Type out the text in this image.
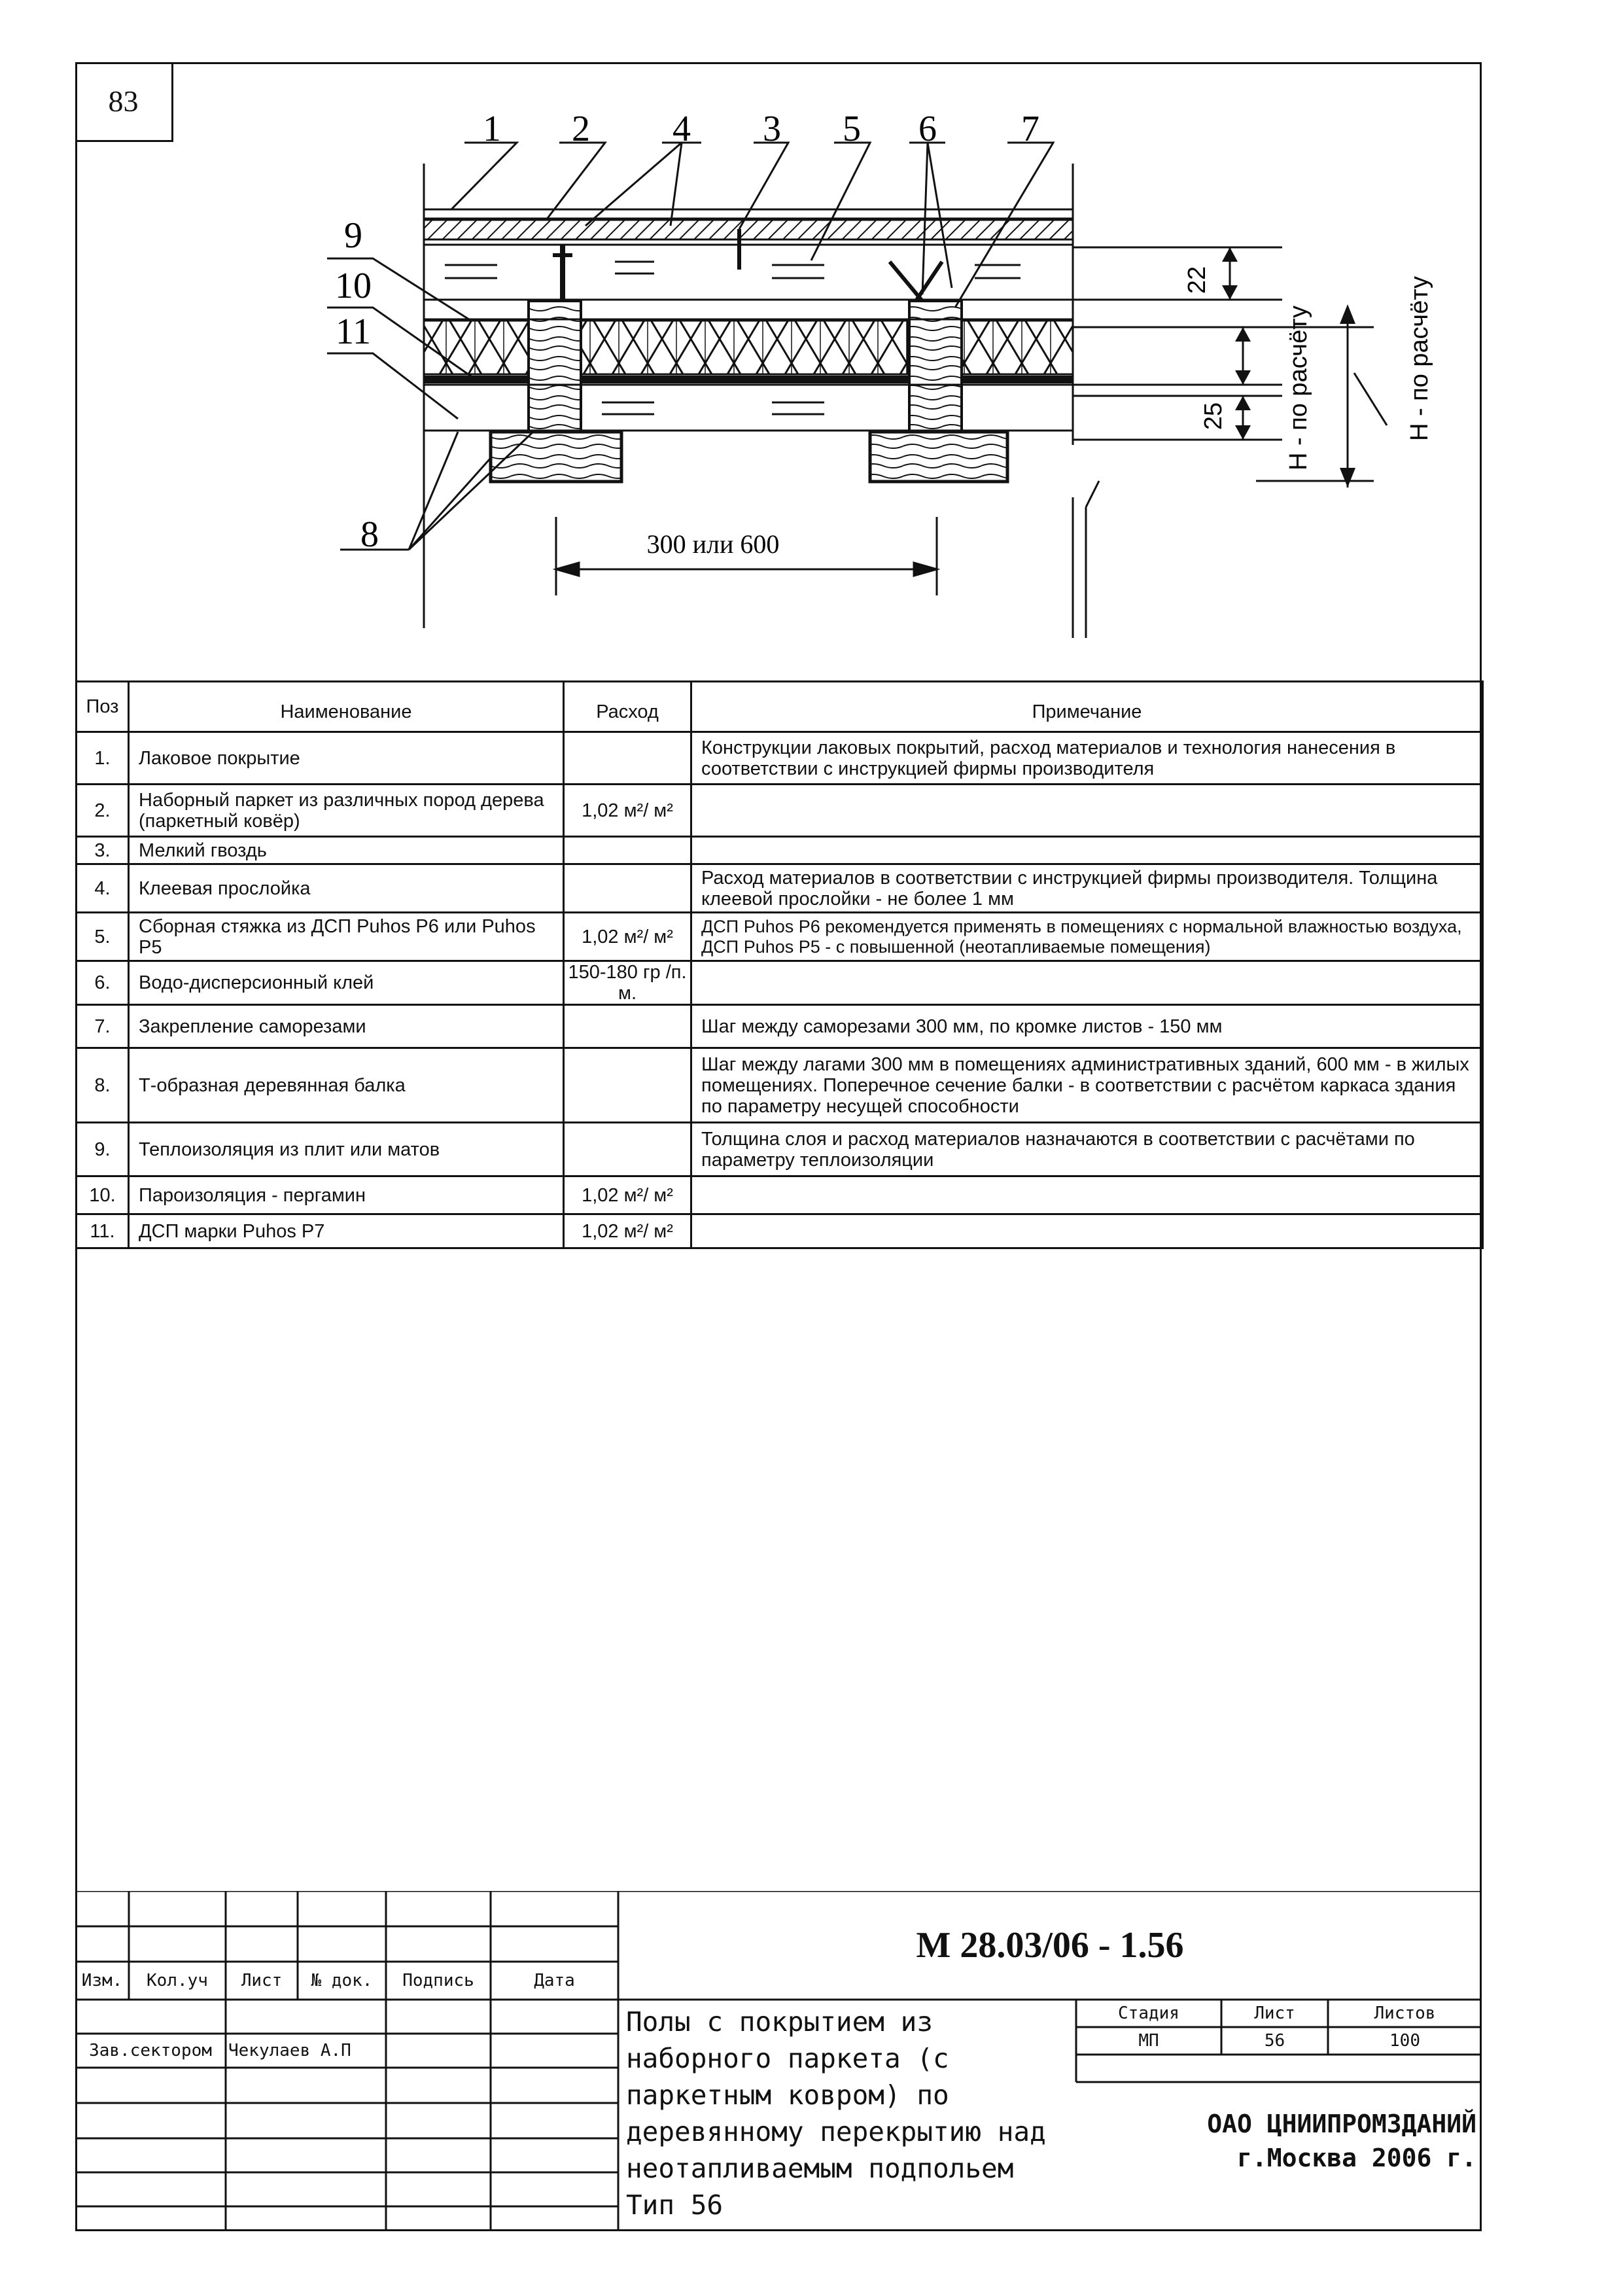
83
1 2 4 3 5 6 7
9
10
11
8	300 или 600
22
25 H - по расчёту	H - по расчёту
Поз	Наименование	Расход	Примечание
1.	Лаковое покрытие		Конструкции лаковых покрытий, расход материалов и технология нанесения в соответствии с инструкцией фирмы производителя
2.	Наборный паркет из различных пород дерева (паркетный ковёр)	1,02 м²/ м²	
3.	Мелкий гвоздь		
4.	Клеевая прослойка		Расход материалов в соответствии с инструкцией фирмы производителя. Толщина клеевой прослойки - не более 1 мм
5.	Сборная стяжка из ДСП Puhos P6 или Puhos P5	1,02 м²/ м²	ДСП Puhos P6 рекомендуется применять в помещениях с нормальной влажностью воздуха, ДСП Puhos P5 - с повышенной (неотапливаемые помещения)
6.	Водо-дисперсионный клей	150-180 гр /п. м.	
7.	Закрепление саморезами		Шаг между саморезами 300 мм, по кромке листов - 150 мм
8.	Т-образная деревянная балка		Шаг между лагами 300 мм в помещениях административных зданий, 600 мм - в жилых помещениях. Поперечное сечение балки - в соответствии с расчётом каркаса здания по параметру несущей способности
9.	Теплоизоляция из плит или матов		Толщина слоя и расход материалов назначаются в соответствии с расчётами по параметру теплоизоляции
10.	Пароизоляция - пергамин	1,02 м²/ м²	
11.	ДСП марки Puhos P7	1,02 м²/ м²	
Изм.	Кол.уч	Лист	№ док.	Подпись	Дата
Зав.сектором Чекулаев А.П
М 28.03/06 - 1.56
Полы с покрытием из наборного паркета (с паркетным ковром) по деревянному перекрытию над неотапливаемым подпольем Тип 56
Стадия	Лист	Листов
МП	56	100
ОАО ЦНИИПРОМЗДАНИЙ
г.Москва 2006 г.
